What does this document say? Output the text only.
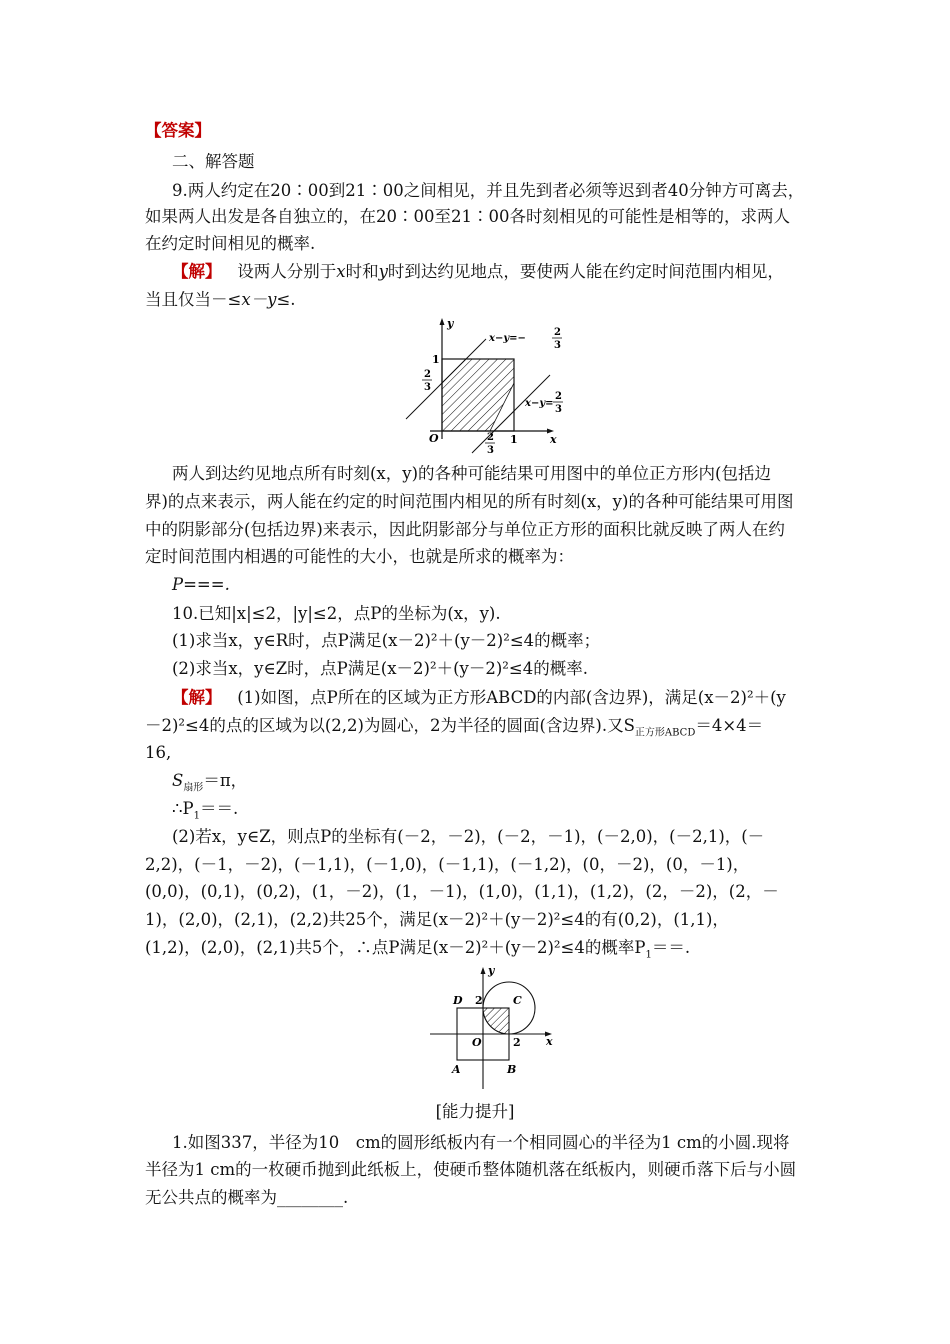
【答案】
二、解答题
9.两人约定在20∶00到21∶00之间相见，并且先到者必须等迟到者40分钟方可离去，
如果两人出发是各自独立的，在20∶00至21∶00各时刻相见的可能性是相等的，求两人
在约定时间相见的概率.
【解】 设两人分别于x时和y时到达约见地点，要使两人能在约定时间范围内相见，
当且仅当－≤x－y≤.
y
x
O
1
1
2
3
2
3
x−y=−
2
3
x−y=
2
3
两人到达约见地点所有时刻(x，y)的各种可能结果可用图中的单位正方形内(包括边
界)的点来表示，两人能在约定的时间范围内相见的所有时刻(x，y)的各种可能结果可用图
中的阴影部分(包括边界)来表示，因此阴影部分与单位正方形的面积比就反映了两人在约
定时间范围内相遇的可能性的大小，也就是所求的概率为：
P===.
10.已知|x|≤2，|y|≤2，点P的坐标为(x，y).
(1)求当x，y∈R时，点P满足(x－2)²＋(y－2)²≤4的概率；
(2)求当x，y∈Z时，点P满足(x－2)²＋(y－2)²≤4的概率.
【解】 (1)如图，点P所在的区域为正方形ABCD的内部(含边界)，满足(x－2)²＋(y
－2)²≤4的点的区域为以(2,2)为圆心，2为半径的圆面(含边界).又$S_{正方形ABCD}=4\times 4=$
16,
$S_{扇形}=\pi$，
$\therefore P_1==$.
(2)若x，y∈Z，则点P的坐标有(－2，－2)，(－2，－1)，(－2,0)，(－2,1)，(－
2,2)，(－1，－2)，(－1,1)，(－1,0)，(－1,1)，(－1,2)，(0，－2)，(0，－1)，
(0,0)，(0,1)，(0,2)，(1，－2)，(1，－1)，(1,0)，(1,1)，(1,2)，(2，－2)，(2，－
1)，(2,0)，(2,1)，(2,2)共25个，满足(x－2)²＋(y－2)²≤4的有(0,2)，(1,1)，
(1,2)，(2,0)，(2,1)共5个，∴点P满足(x－2)²＋(y－2)²≤4的概率$P_1==$.
y
x
O
2
2
D	C
A	B
[能力提升]
1.如图337，半径为10　cm的圆形纸板内有一个相同圆心的半径为1 cm的小圆.现将
半径为1 cm的一枚硬币抛到此纸板上，使硬币整体随机落在纸板内，则硬币落下后与小圆
无公共点的概率为________.
